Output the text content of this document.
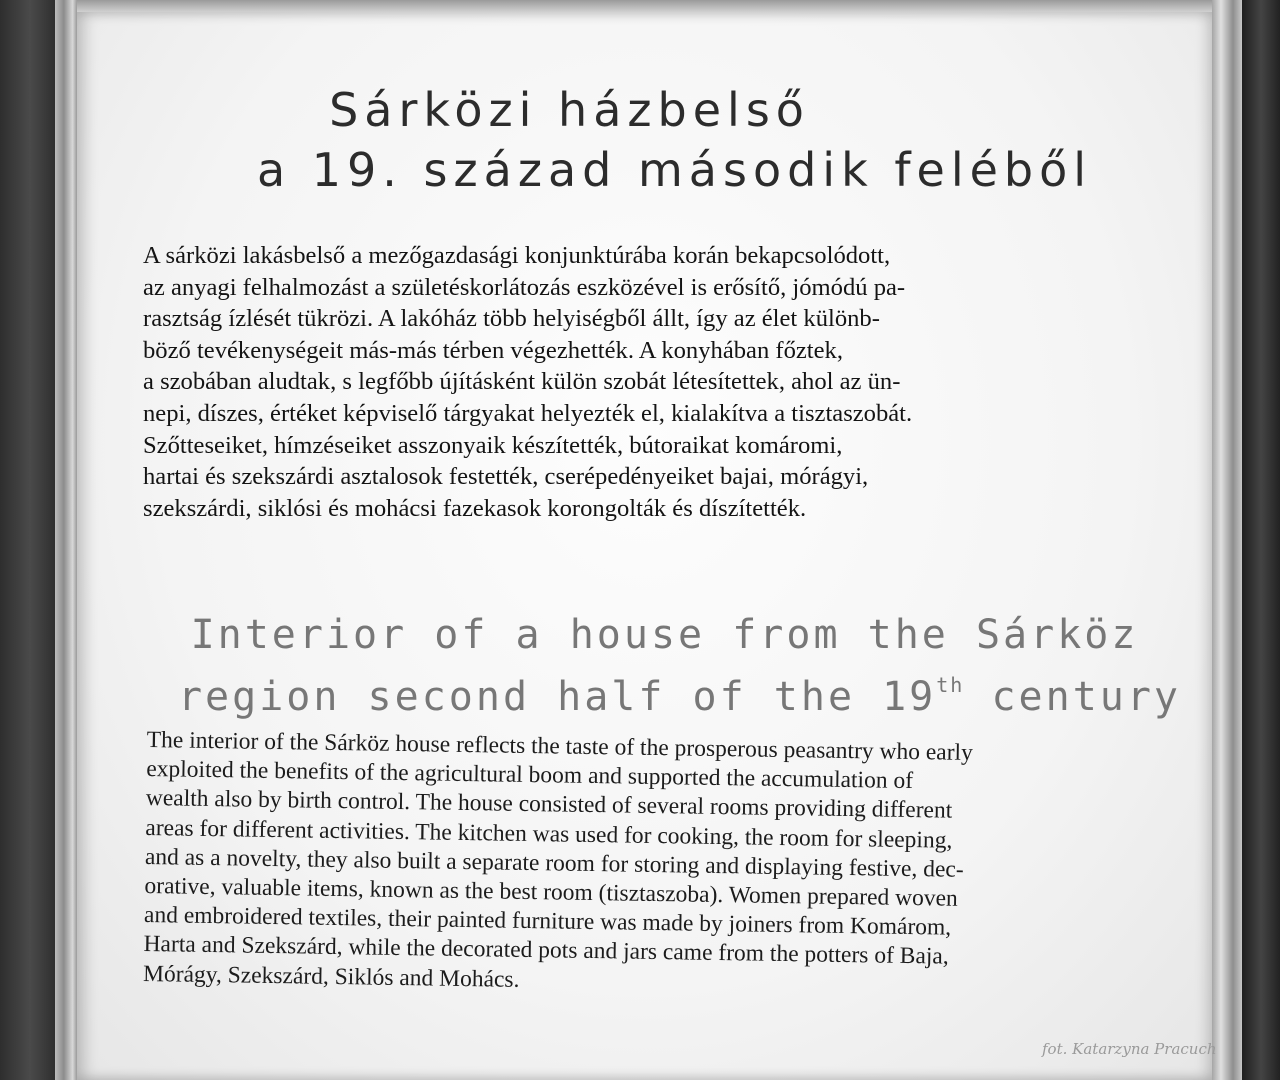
Sárközi házbelső
a 19. század második feléből
A sárközi lakásbelső a mezőgazdasági konjunktúrába korán bekapcsolódott,
az anyagi felhalmozást a születéskorlátozás eszközével is erősítő, jómódú pa-
rasztság ízlését tükrözi. A lakóház több helyiségből állt, így az élet különb-
böző tevékenységeit más-más térben végezhették. A konyhában főztek,
a szobában aludtak, s legfőbb újításként külön szobát létesítettek, ahol az ün-
nepi, díszes, értéket képviselő tárgyakat helyezték el, kialakítva a tisztaszobát.
Szőtteseiket, hímzéseiket asszonyaik készítették, bútoraikat komáromi,
hartai és szekszárdi asztalosok festették, cserépedényeiket bajai, mórágyi,
szekszárdi, siklósi és mohácsi fazekasok korongolták és díszítették.
Interior of a house from the Sárköz
region second half of the 19th century
The interior of the Sárköz house reflects the taste of the prosperous peasantry who early
exploited the benefits of the agricultural boom and supported the accumulation of
wealth also by birth control. The house consisted of several rooms providing different
areas for different activities. The kitchen was used for cooking, the room for sleeping,
and as a novelty, they also built a separate room for storing and displaying festive, dec-
orative, valuable items, known as the best room (tisztaszoba). Women prepared woven
and embroidered textiles, their painted furniture was made by joiners from Komárom,
Harta and Szekszárd, while the decorated pots and jars came from the potters of Baja,
Mórágy, Szekszárd, Siklós and Mohács.
fot. Katarzyna Pracuch
